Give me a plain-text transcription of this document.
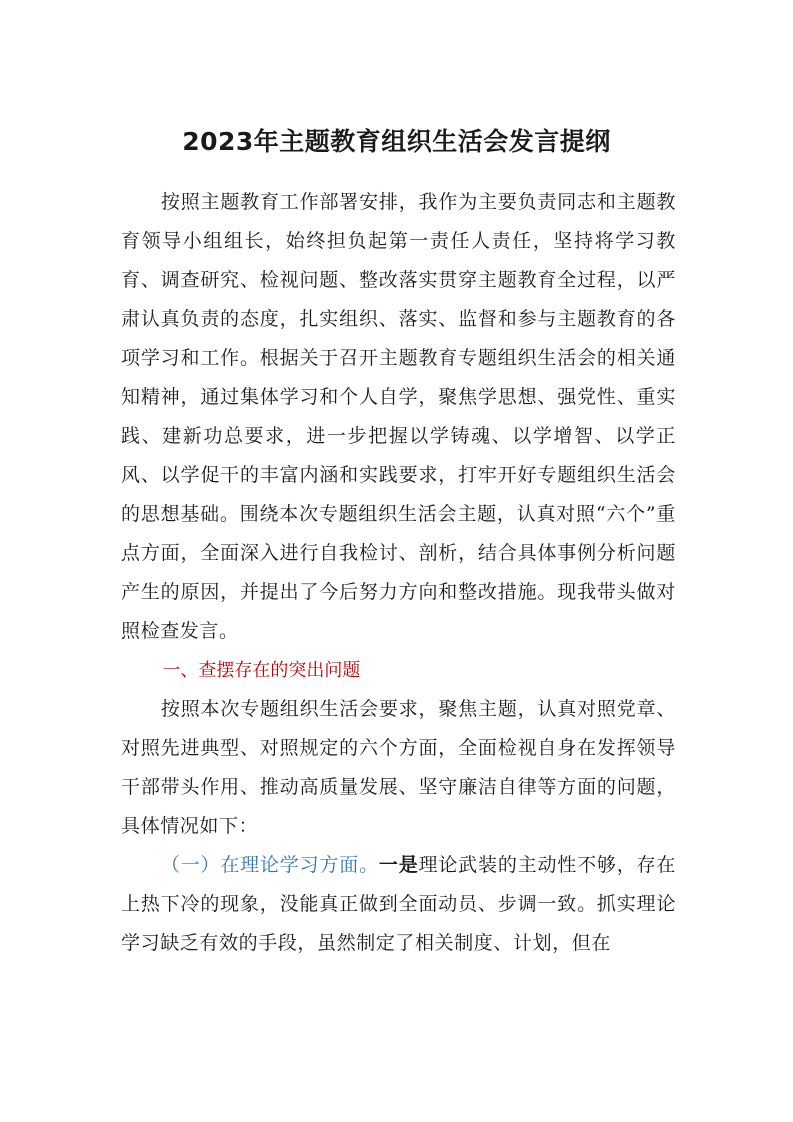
2023年主题教育组织生活会发言提纲

按照主题教育工作部署安排，我作为主要负责同志和主题教育领导小组组长，始终担负起第一责任人责任，坚持将学习教育、调查研究、检视问题、整改落实贯穿主题教育全过程，以严肃认真负责的态度，扎实组织、落实、监督和参与主题教育的各项学习和工作。根据关于召开主题教育专题组织生活会的相关通知精神，通过集体学习和个人自学，聚焦学思想、强党性、重实践、建新功总要求，进一步把握以学铸魂、以学增智、以学正风、以学促干的丰富内涵和实践要求，打牢开好专题组织生活会的思想基础。围绕本次专题组织生活会主题，认真对照“六个”重点方面，全面深入进行自我检讨、剖析，结合具体事例分析问题产生的原因，并提出了今后努力方向和整改措施。现我带头做对照检查发言。

一、查摆存在的突出问题

按照本次专题组织生活会要求，聚焦主题，认真对照党章、对照先进典型、对照规定的六个方面，全面检视自身在发挥领导干部带头作用、推动高质量发展、坚守廉洁自律等方面的问题，具体情况如下：

（一）在理论学习方面。一是理论武装的主动性不够，存在上热下冷的现象，没能真正做到全面动员、步调一致。抓实理论学习缺乏有效的手段，虽然制定了相关制度、计划，但在
